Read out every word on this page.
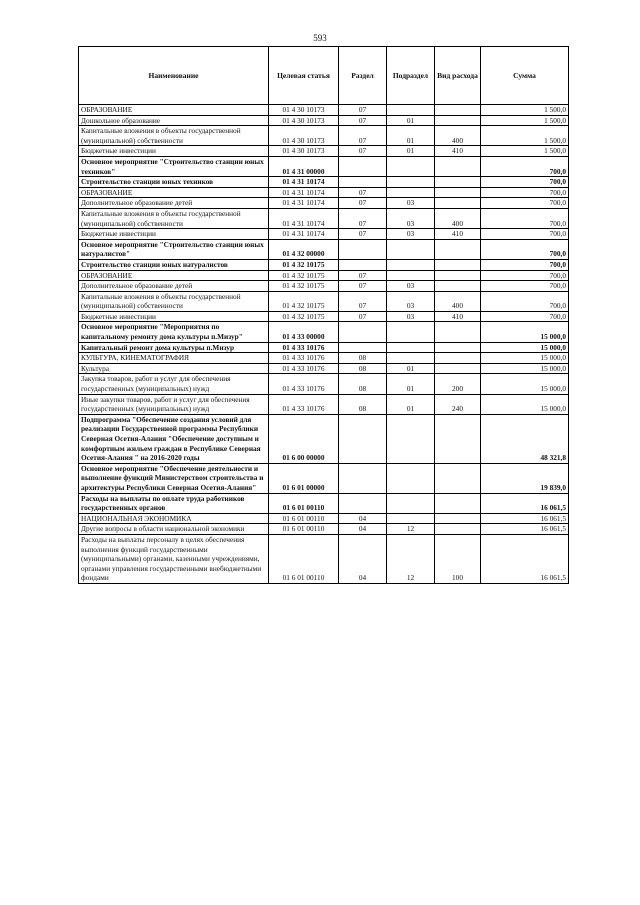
593
Наименование	Целевая статья	Раздел	Подраздел	Вид расхода	Сумма
ОБРАЗОВАНИЕ	01 4 30 10173	07			1 500,0
Дошкольное образование	01 4 30 10173	07	01		1 500,0
Капитальные вложения в объекты государственной (муниципальной) собственности	01 4 30 10173	07	01	400	1 500,0
Бюджетные инвестиции	01 4 30 10173	07	01	410	1 500,0
Основное мероприятие "Строительство станции юных техников"	01 4 31 00000				700,0
Строительство станции юных техников	01 4 31 10174				700,0
ОБРАЗОВАНИЕ	01 4 31 10174	07			700,0
Дополнительное образование детей	01 4 31 10174	07	03		700,0
Капитальные вложения в объекты государственной (муниципальной) собственности	01 4 31 10174	07	03	400	700,0
Бюджетные инвестиции	01 4 31 10174	07	03	410	700,0
Основное мероприятие "Строительство станции юных натуралистов"	01 4 32 00000				700,0
Строительство станции юных натуралистов	01 4 32 10175				700,0
ОБРАЗОВАНИЕ	01 4 32 10175	07			700,0
Дополнительное образование детей	01 4 32 10175	07	03		700,0
Капитальные вложения в объекты государственной (муниципальной) собственности	01 4 32 10175	07	03	400	700,0
Бюджетные инвестиции	01 4 32 10175	07	03	410	700,0
Основное мероприятие "Мероприятия по капитальному ремонту дома культуры п.Мизур"	01 4 33 00000				15 000,0
Капитальный ремонт дома культуры п.Мизур	01 4 33 10176				15 000,0
КУЛЬТУРА, КИНЕМАТОГРАФИЯ	01 4 33 10176	08			15 000,0
Культура	01 4 33 10176	08	01		15 000,0
Закупка товаров, работ и услуг для обеспечения государственных (муниципальных) нужд	01 4 33 10176	08	01	200	15 000,0
Иные закупки товаров, работ и услуг для обеспечения государственных (муниципальных) нужд	01 4 33 10176	08	01	240	15 000,0
Подпрограмма "Обеспечение создания условий для реализации Государственной программы Республики Северная Осетия-Алания "Обеспечение доступным и комфортным жильем граждан в Республике Северная Осетия-Алания " на 2016-2020 годы	01 6 00 00000				48 321,8
Основное мероприятие "Обеспечение деятельности и выполнение функций Министерством строительства и архитектуры Республики Северная Осетия-Алания"	01 6 01 00000				19 839,0
Расходы на выплаты по оплате труда работников государственных органов	01 6 01 00110				16 061,5
НАЦИОНАЛЬНАЯ ЭКОНОМИКА	01 6 01 00110	04			16 061,5
Другие вопросы в области национальной экономики	01 6 01 00110	04	12		16 061,5
Расходы на выплаты персоналу в целях обеспечения выполнения функций государственными (муниципальными) органами, казенными учреждениями, органами управления государственными внебюджетными фондами	01 6 01 00110	04	12	100	16 061,5
